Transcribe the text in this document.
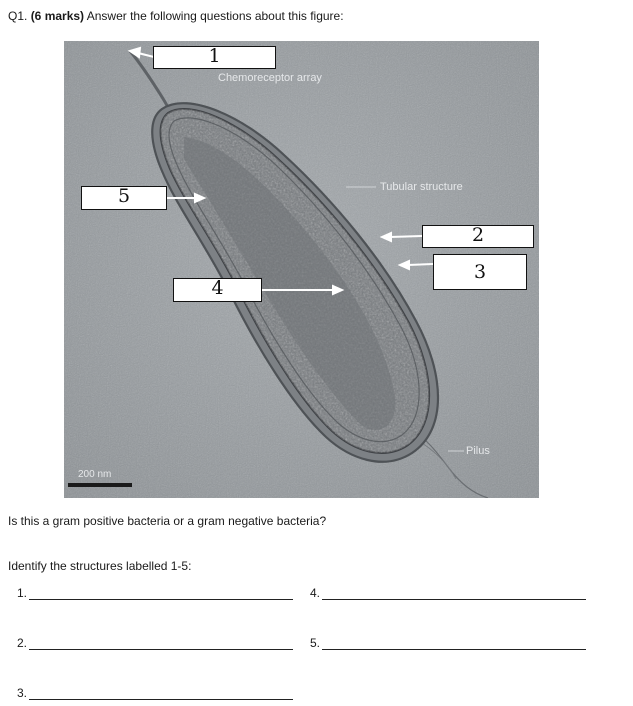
Q1. (6 marks) Answer the following questions about this figure:
Chemoreceptor array
Tubular structure
Pilus
200 nm
1
5
4
2
3
Is this a gram positive bacteria or a gram negative bacteria?
Identify the structures labelled 1-5:
1.	4.
2.	5.
3.
